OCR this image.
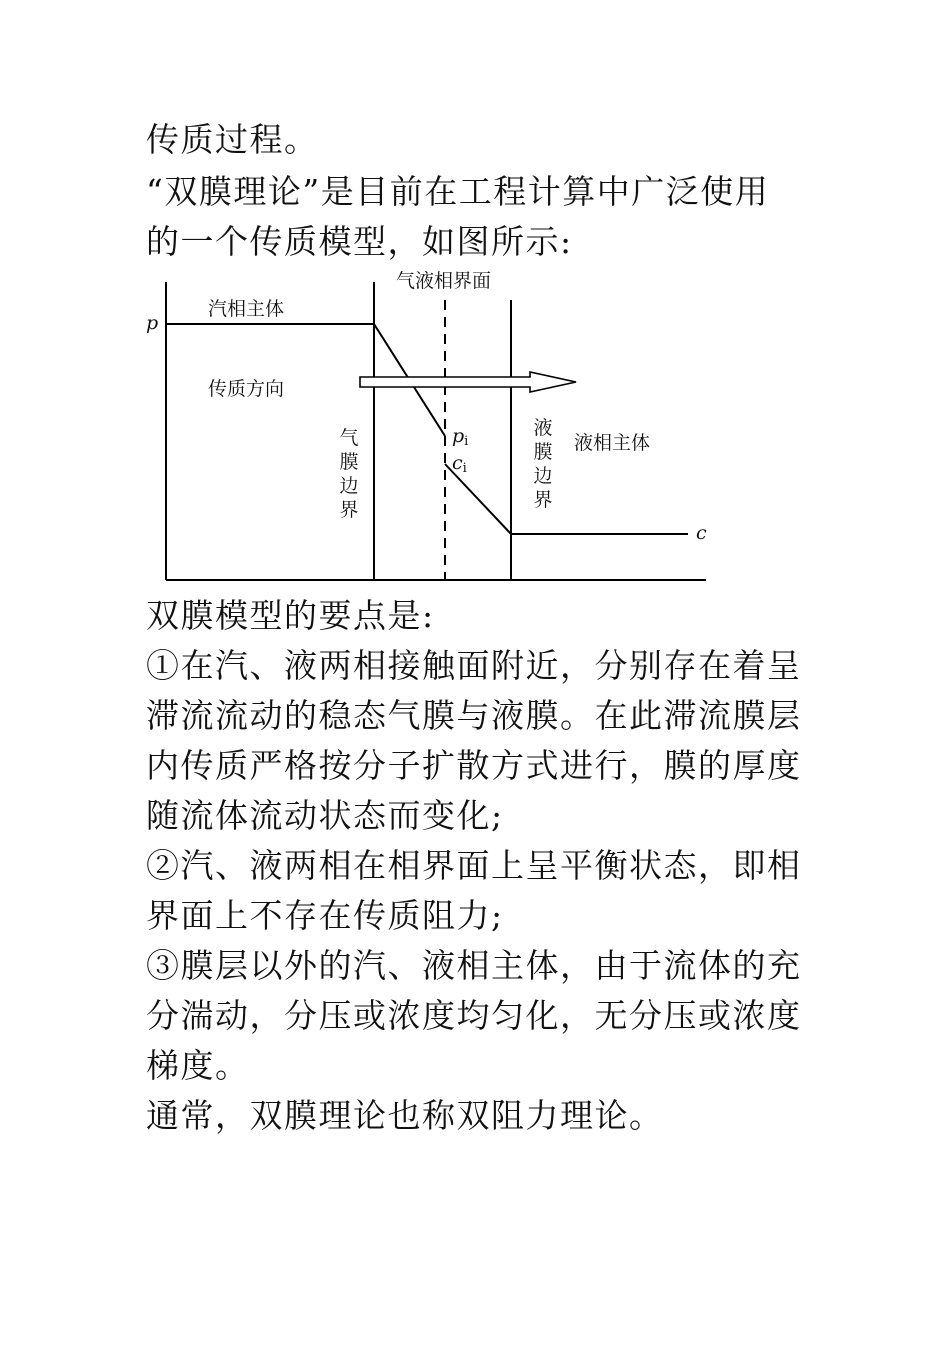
传质过程。
“双膜理论”是目前在工程计算中广泛使用
的一个传质模型，如图所示:
气液相界面
汽相主体
p
传质方向
气膜边界
液膜边界
液相主体
pi
ci
c
双膜模型的要点是:
①在汽、液两相接触面附近，分别存在着呈
滞流流动的稳态气膜与液膜。在此滞流膜层
内传质严格按分子扩散方式进行，膜的厚度
随流体流动状态而变化;
②汽、液两相在相界面上呈平衡状态，即相
界面上不存在传质阻力;
③膜层以外的汽、液相主体，由于流体的充
分湍动，分压或浓度均匀化，无分压或浓度
梯度。
通常，双膜理论也称双阻力理论。
